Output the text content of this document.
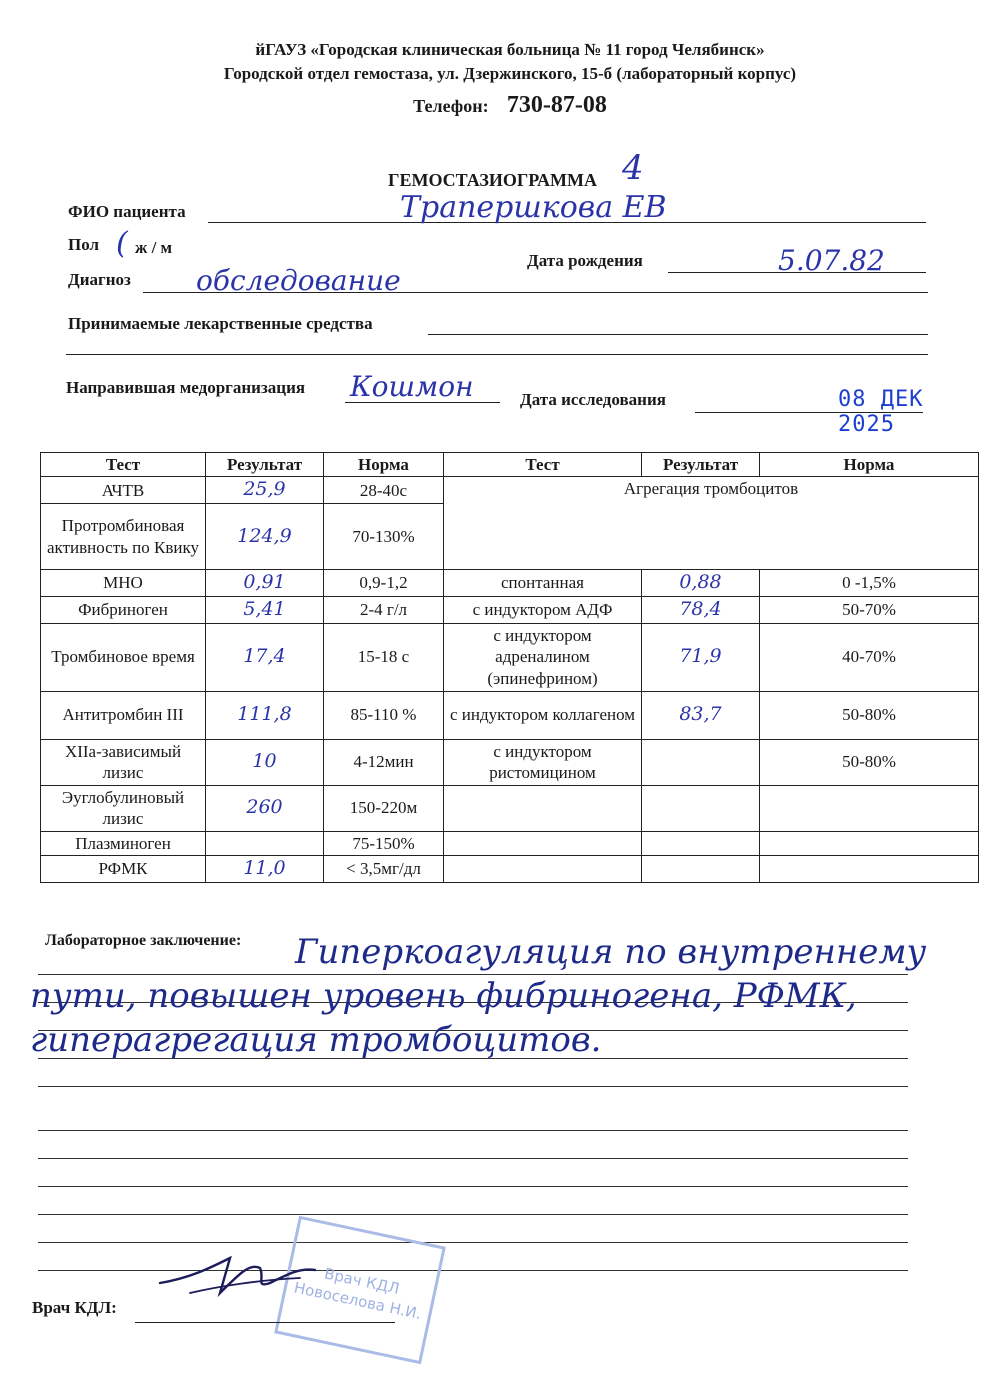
йГАУЗ «Городская клиническая больница № 11 город Челябинск»
Городской отдел гемостаза, ул. Дзержинского, 15-б (лабораторный корпус)
Телефон: 730-87-08
ГЕМОСТАЗИОГРАММА 4
ФИО пациента	Трапершкова ЕВ
Пол ж / м
(	Дата рождения	5.07.82
Диагноз обследование
Принимаемые лекарственные средства
Направившая медорганизация Кошмон	Дата исследования	08 ДЕК 2025
Тест	Результат	Норма	Тест	Результат	Норма
АЧТВ	25,9	28-40с	Агрегация тромбоцитов		
Протромбиновая активность по Квику	124,9	70-130%			
МНО	0,91	0,9-1,2	спонтанная	0,88	0 -1,5%
Фибриноген	5,41	2-4 г/л	с индуктором АДФ	78,4	50-70%
Тромбиновое время	17,4	15-18 с	с индуктором адреналином (эпинефрином)	71,9	40-70%
Антитромбин III	111,8	85-110 %	с индуктором коллагеном	83,7	50-80%
XIIа-зависимый лизис	10	4-12мин	с индуктором ристомицином		50-80%
Эуглобулиновый лизис	260	150-220м			
Плазминоген		75-150%			
РФМК	11,0	< 3,5мг/дл			
Лабораторное заключение:	Гиперкоагуляция по внутреннему пути, повышен уровень фибриногена, РФМК, гиперагрегация тромбоцитов.
Врач КДЛ Новоселова Н.И.
Врач КДЛ:
